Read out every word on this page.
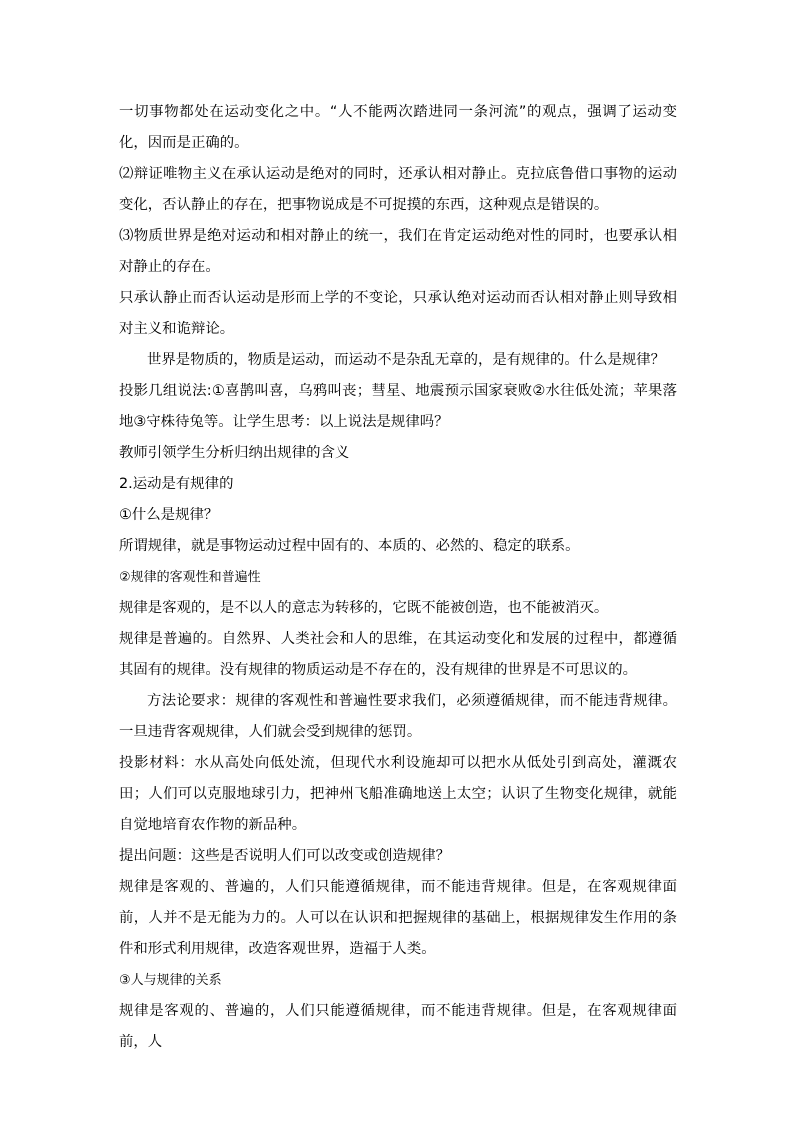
一切事物都处在运动变化之中。“人不能两次踏进同一条河流”的观点，强调了运动变化，因而是正确的。

⑵辩证唯物主义在承认运动是绝对的同时，还承认相对静止。克拉底鲁借口事物的运动变化，否认静止的存在，把事物说成是不可捉摸的东西，这种观点是错误的。

⑶物质世界是绝对运动和相对静止的统一，我们在肯定运动绝对性的同时，也要承认相对静止的存在。

只承认静止而否认运动是形而上学的不变论，只承认绝对运动而否认相对静止则导致相对主义和诡辩论。

世界是物质的，物质是运动，而运动不是杂乱无章的，是有规律的。什么是规律？

投影几组说法:①喜鹊叫喜，乌鸦叫丧；彗星、地震预示国家衰败②水往低处流；苹果落地③守株待兔等。让学生思考：以上说法是规律吗？

教师引领学生分析归纳出规律的含义

2.运动是有规律的

①什么是规律？

所谓规律，就是事物运动过程中固有的、本质的、必然的、稳定的联系。

②规律的客观性和普遍性

规律是客观的，是不以人的意志为转移的，它既不能被创造，也不能被消灭。

规律是普遍的。自然界、人类社会和人的思维，在其运动变化和发展的过程中，都遵循其固有的规律。没有规律的物质运动是不存在的，没有规律的世界是不可思议的。

方法论要求：规律的客观性和普遍性要求我们，必须遵循规律，而不能违背规律。一旦违背客观规律，人们就会受到规律的惩罚。

投影材料：水从高处向低处流，但现代水利设施却可以把水从低处引到高处，灌溉农田；人们可以克服地球引力，把神州飞船准确地送上太空；认识了生物变化规律，就能自觉地培育农作物的新品种。

提出问题：这些是否说明人们可以改变或创造规律？

规律是客观的、普遍的，人们只能遵循规律，而不能违背规律。但是，在客观规律面前，人并不是无能为力的。人可以在认识和把握规律的基础上，根据规律发生作用的条件和形式利用规律，改造客观世界，造福于人类。

③人与规律的关系

规律是客观的、普遍的，人们只能遵循规律，而不能违背规律。但是，在客观规律面前，人
